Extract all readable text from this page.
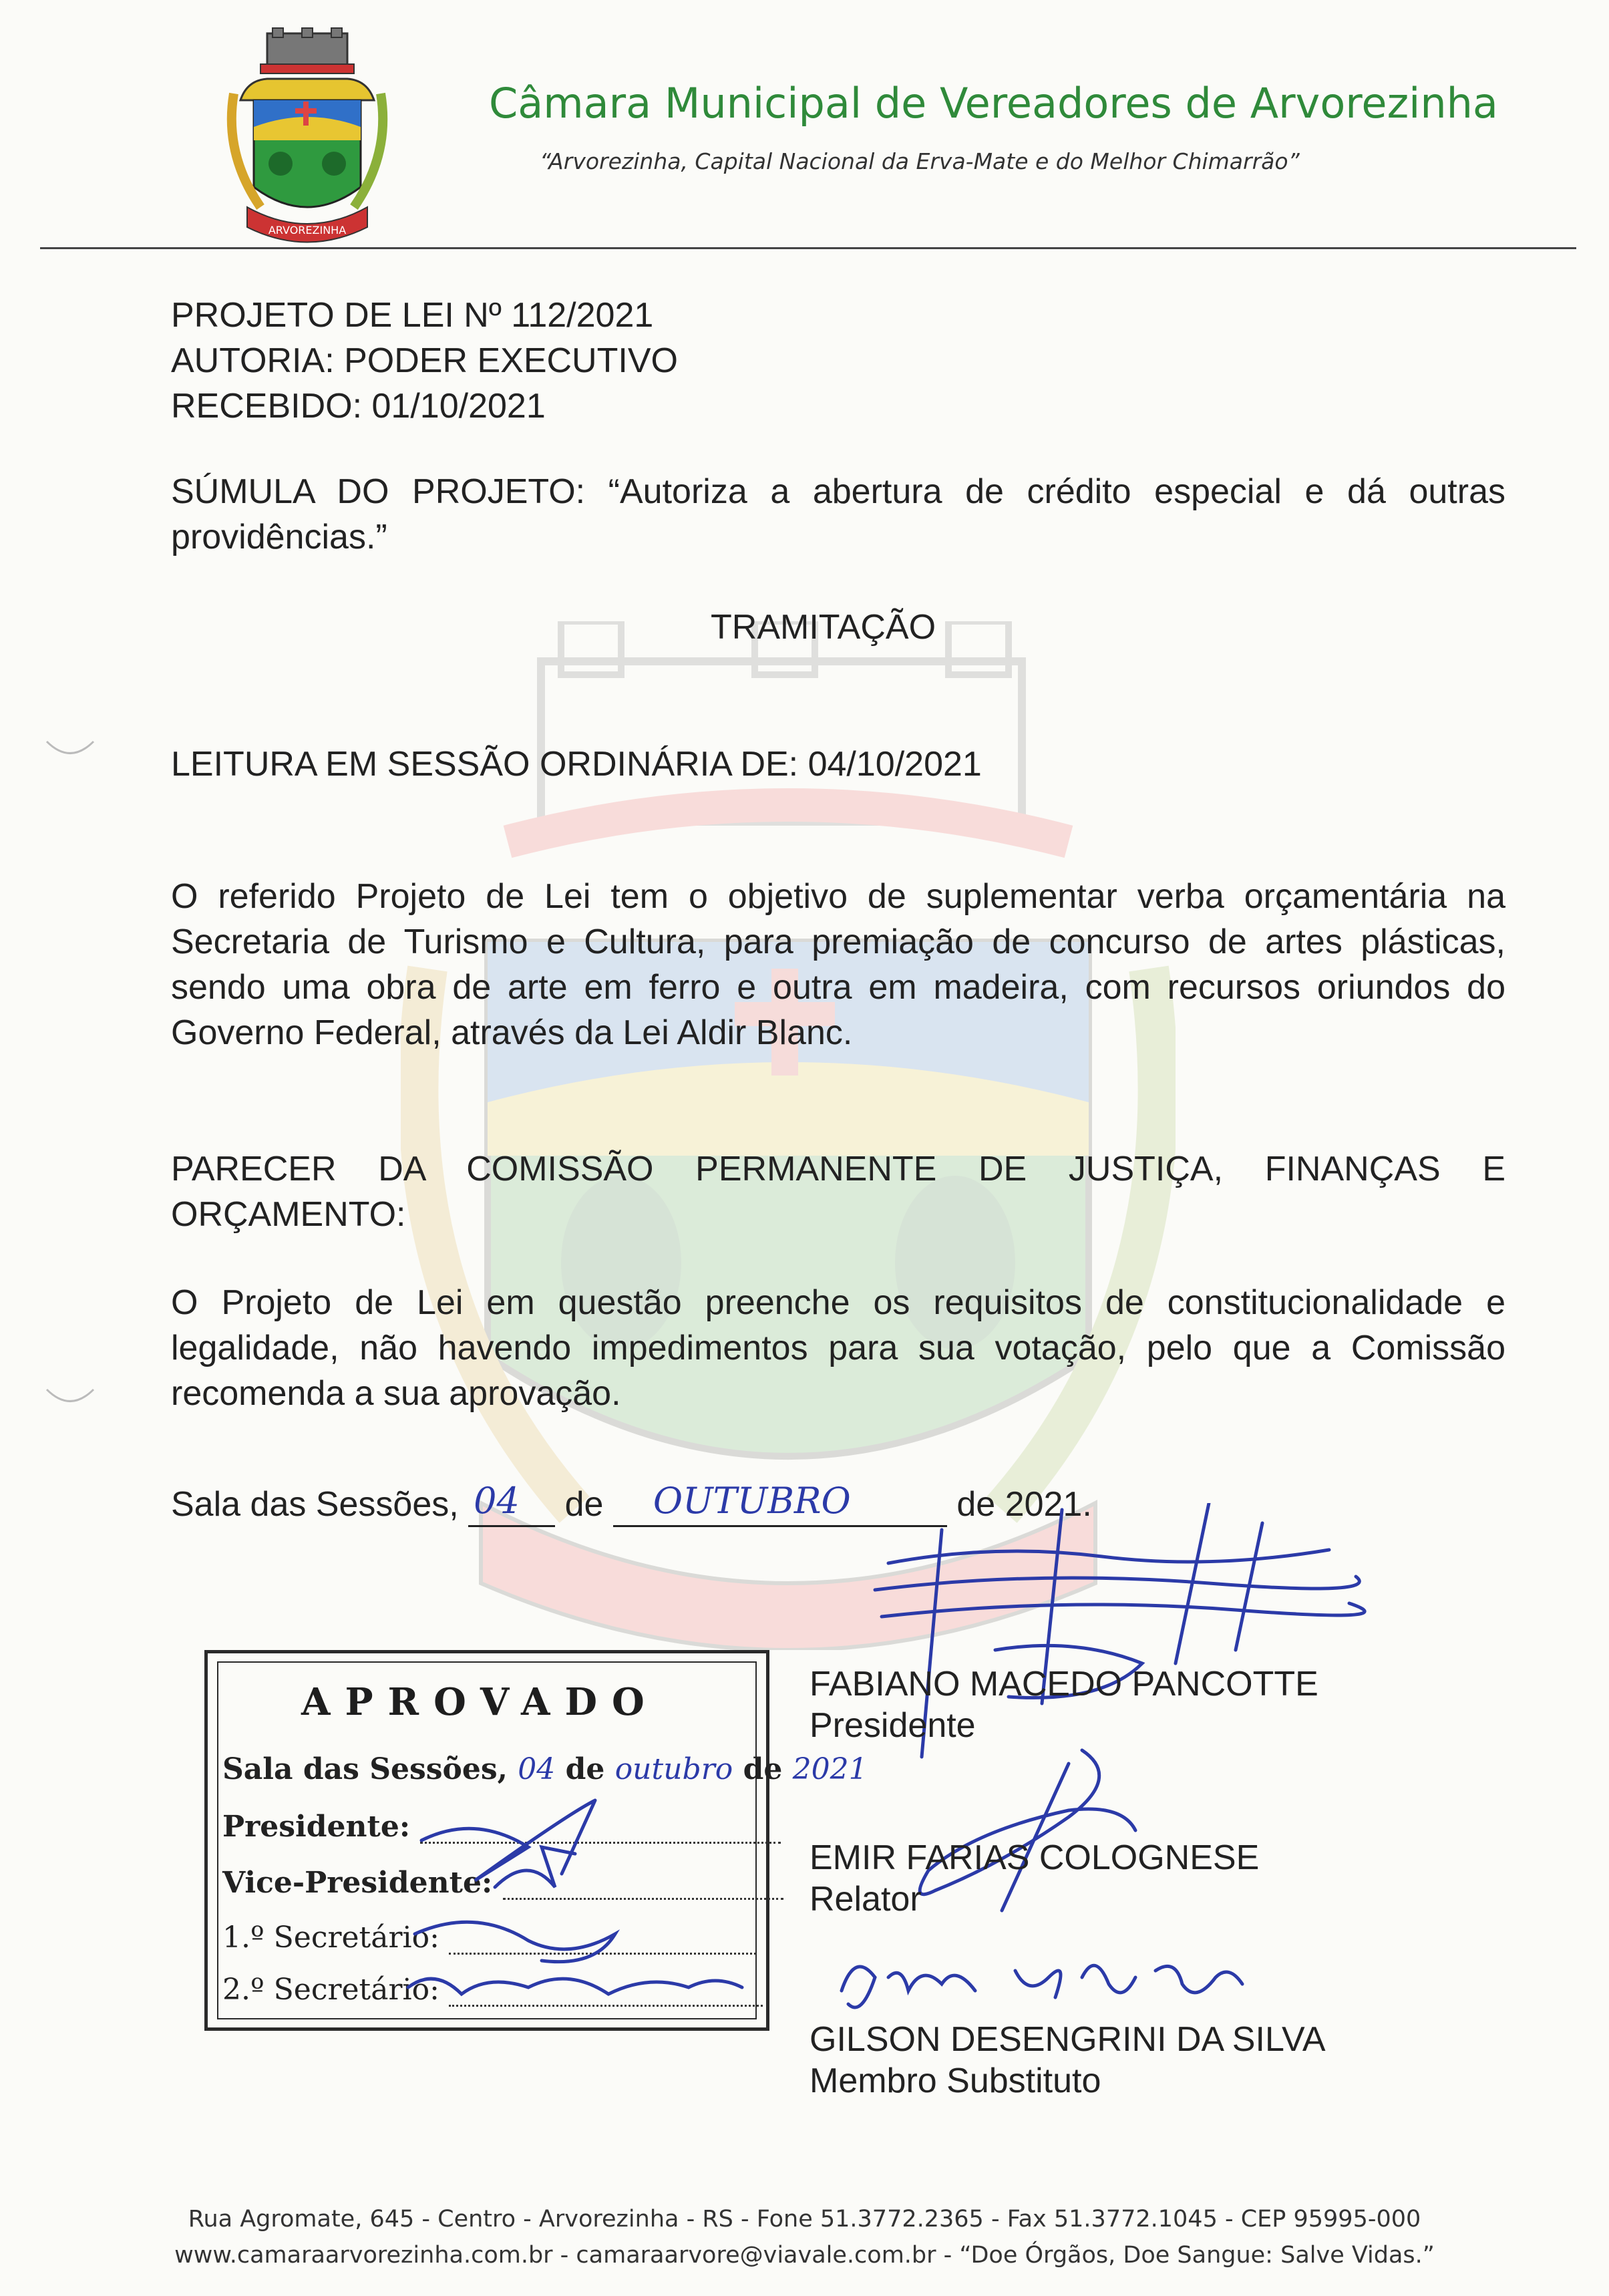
ARVOREZINHA
Câmara Municipal de Vereadores de Arvorezinha
“Arvorezinha, Capital Nacional da Erva-Mate e do Melhor Chimarrão”
PROJETO DE LEI Nº 112/2021
AUTORIA: PODER EXECUTIVO
RECEBIDO: 01/10/2021
SÚMULA DO PROJETO: “Autoriza a abertura de crédito especial e dá outras providências.”
TRAMITAÇÃO
LEITURA EM SESSÃO ORDINÁRIA DE: 04/10/2021
O referido Projeto de Lei tem o objetivo de suplementar verba orçamentária na Secretaria de Turismo e Cultura, para premiação de concurso de artes plásticas, sendo uma obra de arte em ferro e outra em madeira, com recursos oriundos do Governo Federal, através da Lei Aldir Blanc.
PARECER DA COMISSÃO PERMANENTE DE JUSTIÇA, FINANÇAS E ORÇAMENTO:
O Projeto de Lei em questão preenche os requisitos de constitucionalidade e legalidade, não havendo impedimentos para sua votação, pelo que a Comissão recomenda a sua aprovação.
Sala das Sessões, 04 de OUTUBRO	de 2021.
FABIANO MACEDO PANCOTTE
Presidente
EMIR FARIAS COLOGNESE
Relator
GILSON DESENGRINI DA SILVA
Membro Substituto
APROVADO
Sala das Sessões, 04 de outubro de 2021
Presidente:
Vice-Presidente:
1.º Secretário:
2.º Secretário:
Rua Agromate, 645 - Centro - Arvorezinha - RS - Fone 51.3772.2365 - Fax 51.3772.1045 - CEP 95995-000
www.camaraarvorezinha.com.br - camaraarvore@viavale.com.br - “Doe Órgãos, Doe Sangue: Salve Vidas.”
